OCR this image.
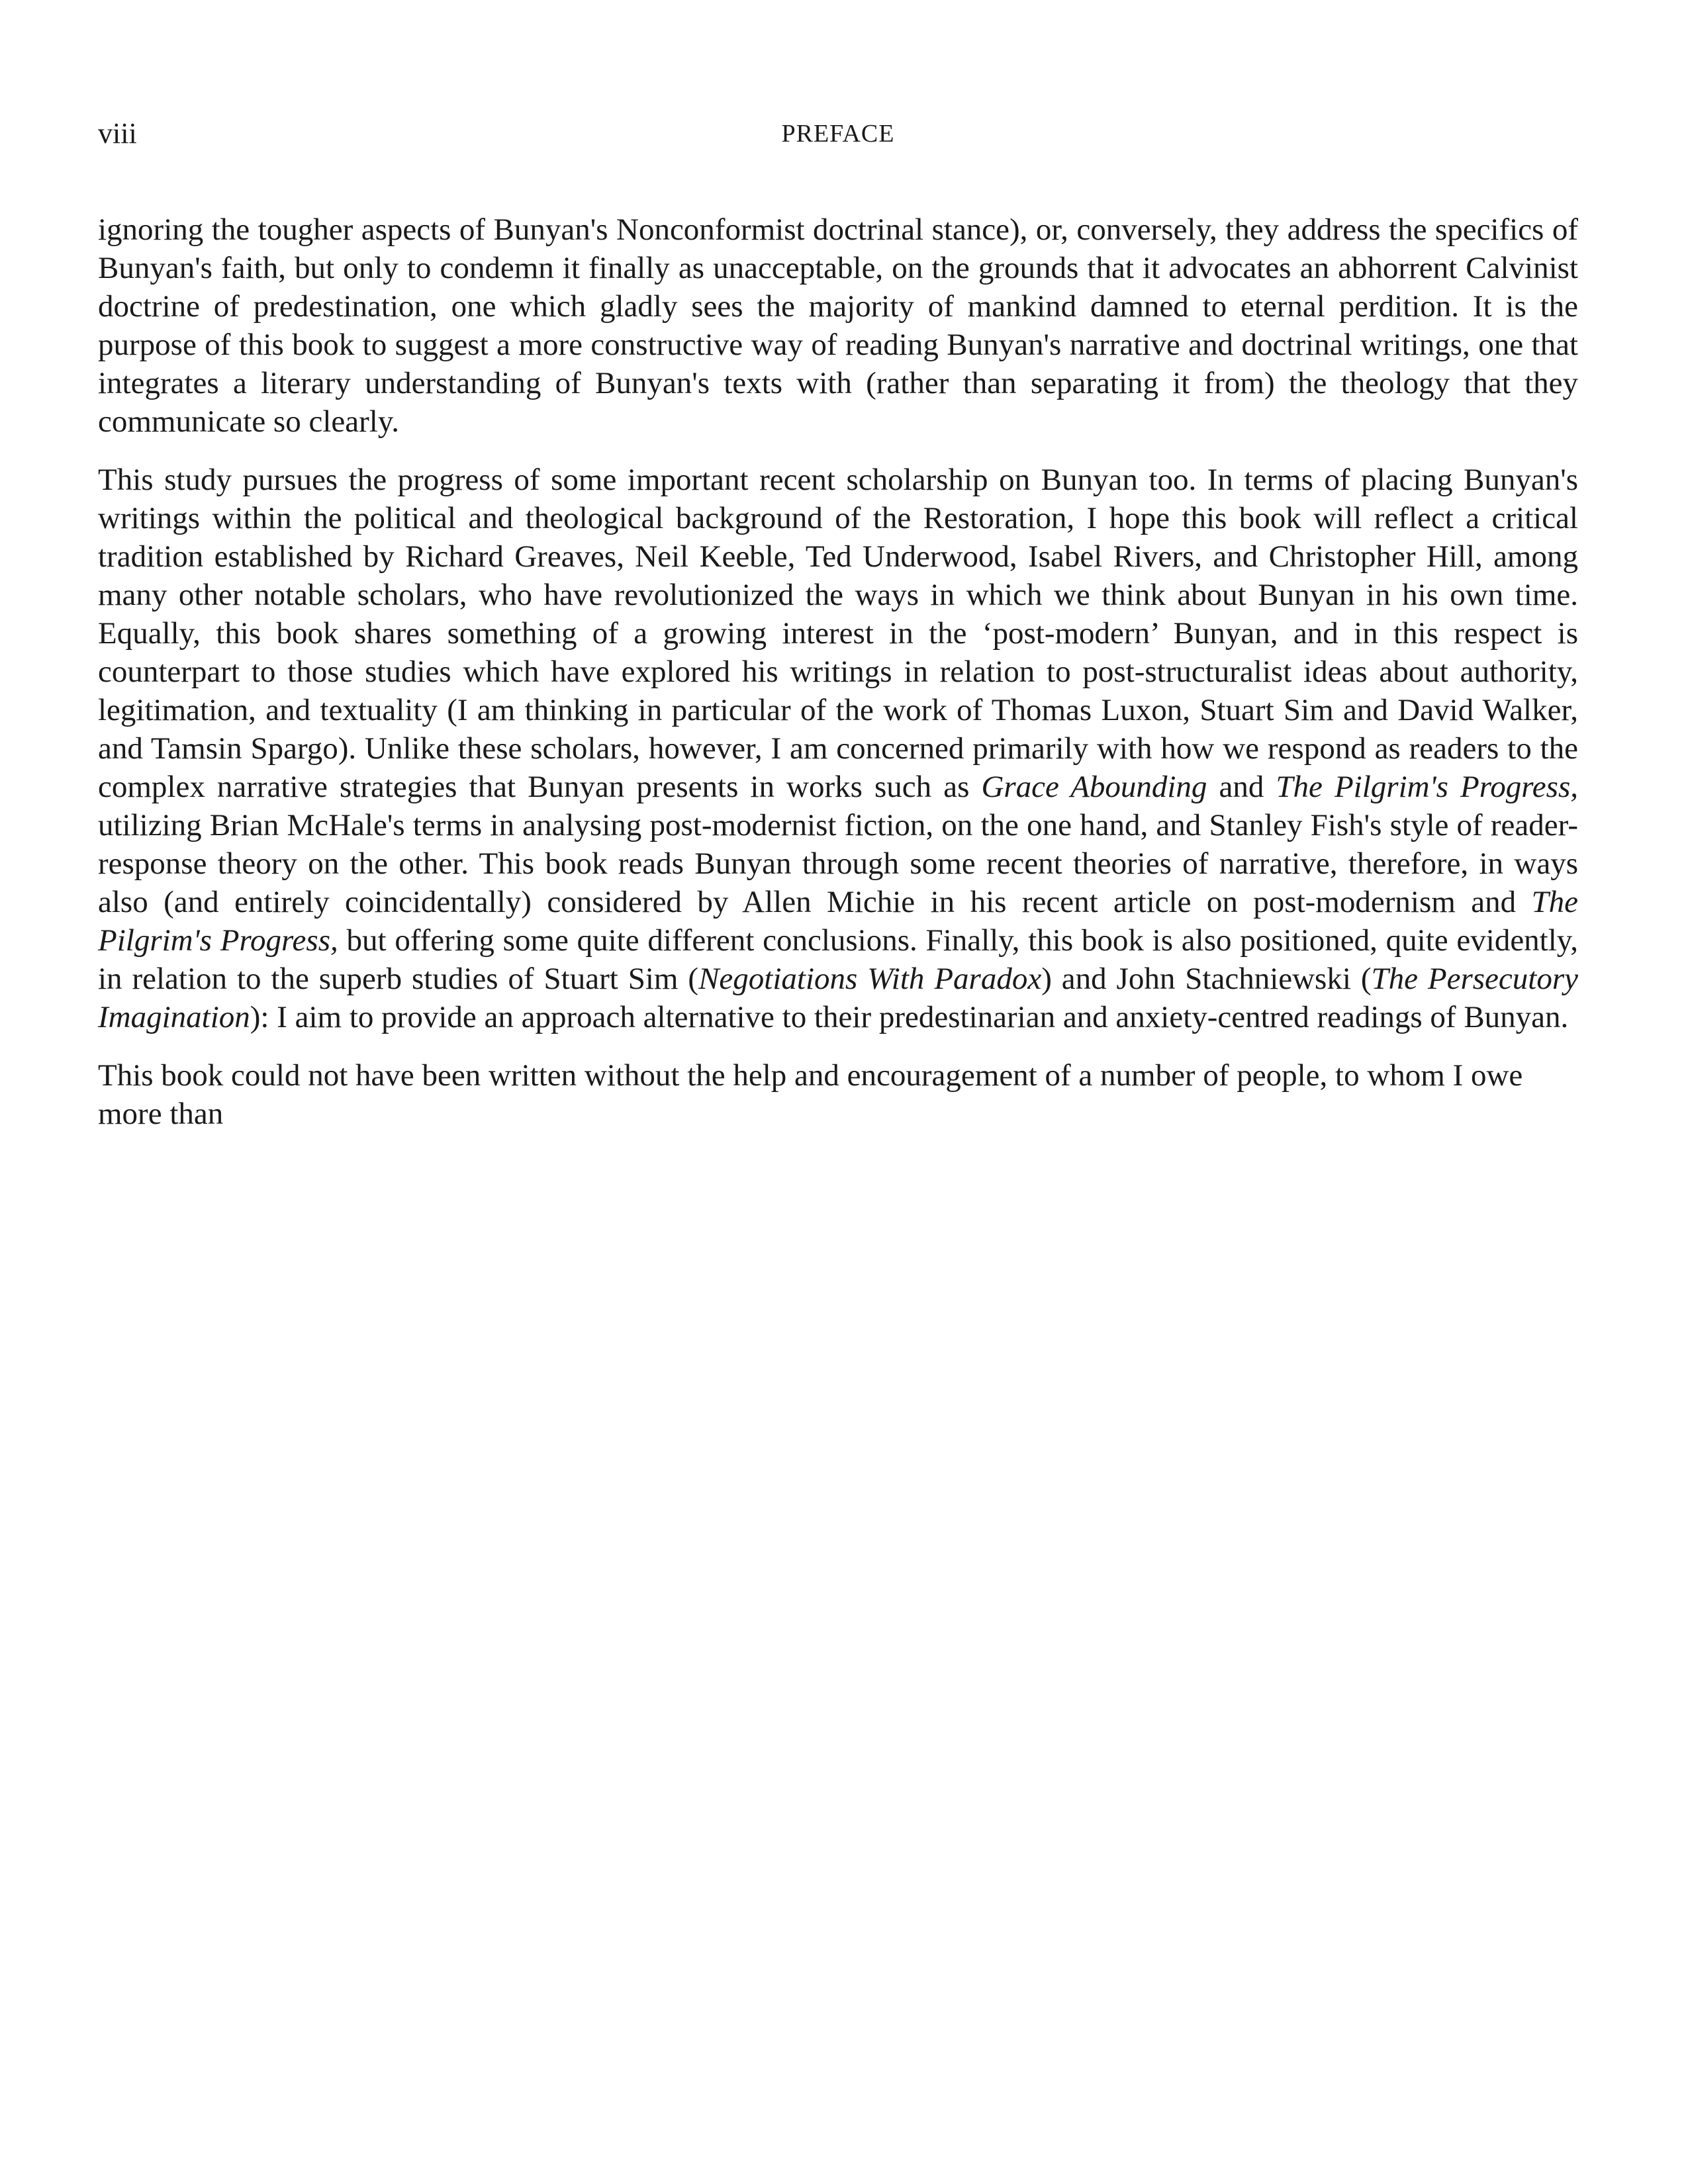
viii	PREFACE

ignoring the tougher aspects of Bunyan's Nonconformist doctrinal stance), or, conversely, they address the specifics of Bunyan's faith, but only to condemn it finally as unacceptable, on the grounds that it advocates an abhorrent Calvinist doctrine of predestination, one which gladly sees the majority of mankind damned to eternal perdition. It is the purpose of this book to suggest a more constructive way of reading Bunyan's narrative and doctrinal writings, one that integrates a literary understanding of Bunyan's texts with (rather than separating it from) the theology that they communicate so clearly.

This study pursues the progress of some important recent scholarship on Bunyan too. In terms of placing Bunyan's writings within the political and theological background of the Restoration, I hope this book will reflect a critical tradition established by Richard Greaves, Neil Keeble, Ted Underwood, Isabel Rivers, and Christopher Hill, among many other notable scholars, who have revolutionized the ways in which we think about Bunyan in his own time. Equally, this book shares something of a growing interest in the ‘post-modern’ Bunyan, and in this respect is counterpart to those studies which have explored his writings in relation to post-structuralist ideas about authority, legitimation, and textuality (I am thinking in particular of the work of Thomas Luxon, Stuart Sim and David Walker, and Tamsin Spargo). Unlike these scholars, however, I am concerned primarily with how we respond as readers to the complex narrative strategies that Bunyan presents in works such as Grace Abounding and The Pilgrim's Progress, utilizing Brian McHale's terms in analysing post-modernist fiction, on the one hand, and Stanley Fish's style of reader-response theory on the other. This book reads Bunyan through some recent theories of narrative, therefore, in ways also (and entirely coincidentally) considered by Allen Michie in his recent article on post-modernism and The Pilgrim's Progress, but offering some quite different conclusions. Finally, this book is also positioned, quite evidently, in relation to the superb studies of Stuart Sim (Negotiations With Paradox) and John Stachniewski (The Persecutory Imagination): I aim to provide an approach alternative to their predestinarian and anxiety-centred readings of Bunyan.

This book could not have been written without the help and encouragement of a number of people, to whom I owe more than
